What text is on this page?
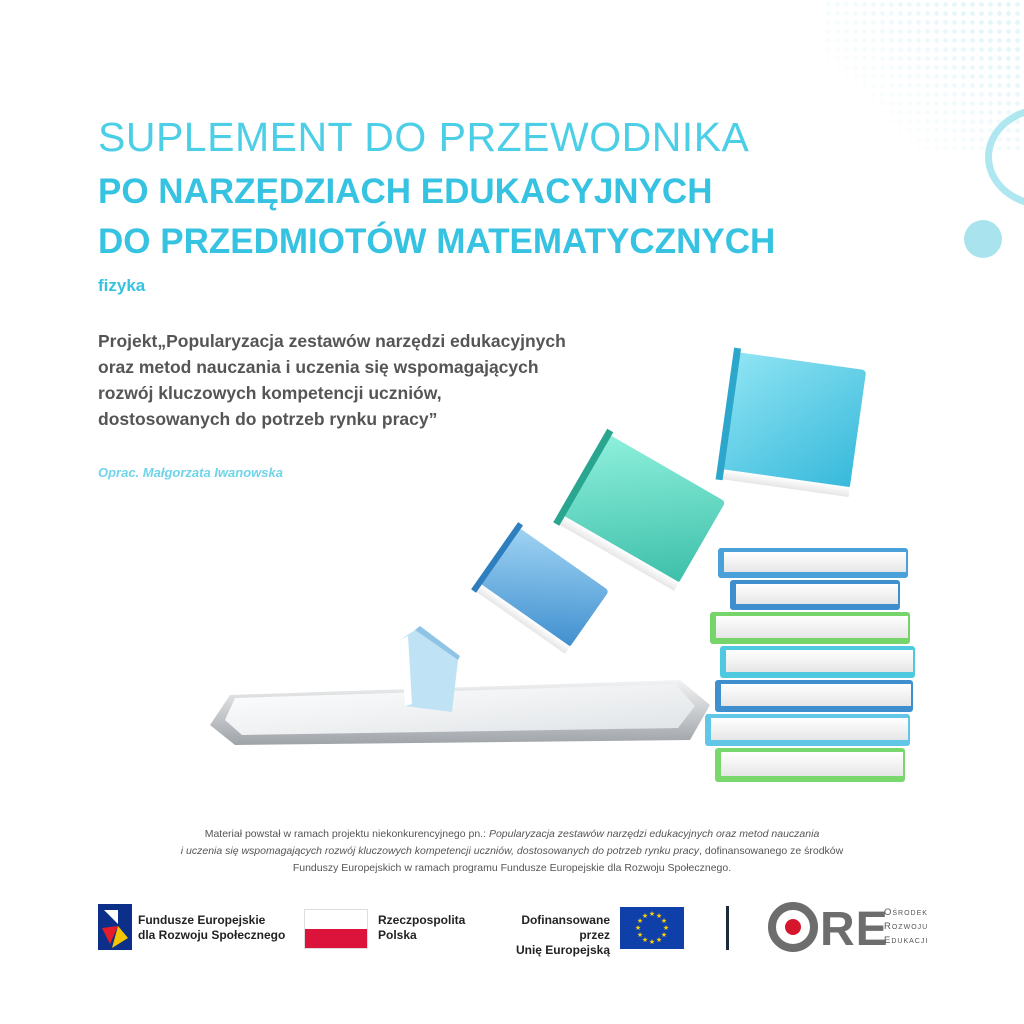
SUPLEMENT DO PRZEWODNIKA
PO NARZĘDZIACH EDUKACYJNYCH
DO PRZEDMIOTÓW MATEMATYCZNYCH
fizyka
Projekt„Popularyzacja zestawów narzędzi edukacyjnych
oraz metod nauczania i uczenia się wspomagających
rozwój kluczowych kompetencji uczniów,
dostosowanych do potrzeb rynku pracy”
Oprac. Małgorzata Iwanowska
Materiał powstał w ramach projektu niekonkurencyjnego pn.: Popularyzacja zestawów narzędzi edukacyjnych oraz metod nauczania
i uczenia się wspomagających rozwój kluczowych kompetencji uczniów, dostosowanych do potrzeb rynku pracy, dofinansowanego ze środków
Funduszy Europejskich w ramach programu Fundusze Europejskie dla Rozwoju Społecznego.
Fundusze Europejskie
dla Rozwoju Społecznego
Rzeczpospolita
Polska
Dofinansowane przez
Unię Europejską
★ ★
★
★
★
★
★
★
★
★
★
★	RE
Ośrodek
Rozwoju
Edukacji
